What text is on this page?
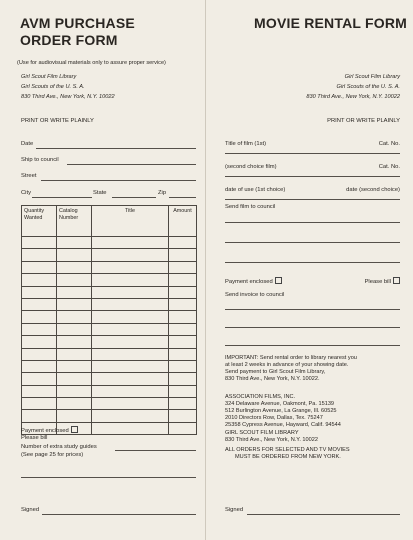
AVM PURCHASE
ORDER FORM
(Use for audiovisual materials only to assure proper service)
Girl Scout Film Library
Girl Scouts of the U. S. A.
830 Third Ave., New York, N.Y. 10022
PRINT OR WRITE PLAINLY
Date
Ship to council
Street
City	State	Zip
Quantity Wanted	Catalog Number	Title	Amount

Payment enclosed
Please bill
Number of extra study guides
(See page 25 for prices)
Signed
MOVIE RENTAL FORM
Girl Scout Film Library
Girl Scouts of the U. S. A.
830 Third Ave., New York, N.Y. 10022
PRINT OR WRITE PLAINLY
Title of film (1st)	Cat. No.
(second choice film)	Cat. No.
date of use (1st choice)	date (second choice)
Send film to council
Payment enclosed	Please bill
Send invoice to council
IMPORTANT: Send rental order to library nearest you
at least 2 weeks in advance of your showing date.
Send payment to Girl Scout Film Library,
830 Third Ave., New York, N.Y. 10022.
ASSOCIATION FILMS, INC.
324 Delaware Avenue, Oakmont, Pa. 15139
512 Burlington Avenue, La Grange, Ill. 60525
2010 Directors Row, Dallas, Tex. 75247
25358 Cypress Avenue, Hayward, Calif. 94544
GIRL SCOUT FILM LIBRARY
830 Third Ave., New York, N.Y. 10022
ALL ORDERS FOR SELECTED AND TV MOVIES
MUST BE ORDERED FROM NEW YORK.
Signed
